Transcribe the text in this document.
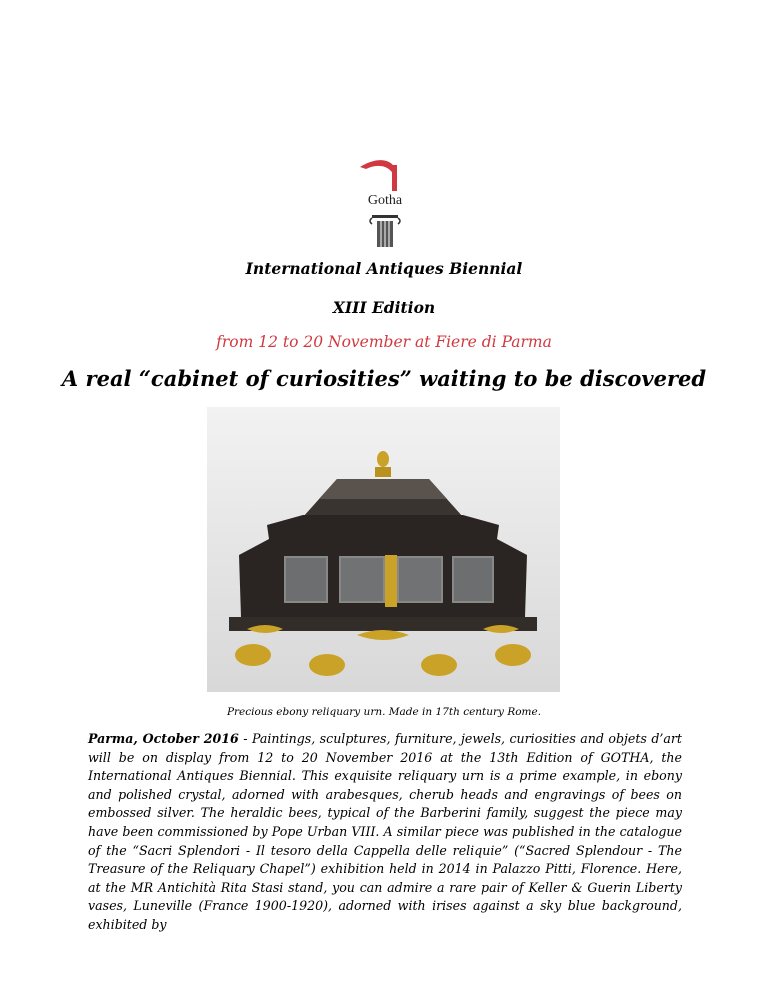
Gotha
International Antiques Biennial
XIII Edition
from 12 to 20 November at Fiere di Parma
A real “cabinet of curiosities” waiting to be discovered
Precious ebony reliquary urn. Made in 17th century Rome.
Parma, October 2016 - Paintings, sculptures, furniture, jewels, curiosities and objets d’art will be on display from 12 to 20 November 2016 at the 13th Edition of GOTHA, the International Antiques Biennial. This exquisite reliquary urn is a prime example, in ebony and polished crystal, adorned with arabesques, cherub heads and engravings of bees on embossed silver. The heraldic bees, typical of the Barberini family, suggest the piece may have been commissioned by Pope Urban VIII. A similar piece was published in the catalogue of the “Sacri Splendori - Il tesoro della Cappella delle reliquie” (“Sacred Splendour - The Treasure of the Reliquary Chapel”) exhibition held in 2014 in Palazzo Pitti, Florence. Here, at the MR Antichità Rita Stasi stand, you can admire a rare pair of Keller & Guerin Liberty vases, Luneville (France 1900-1920), adorned with irises against a sky blue background, exhibited by
